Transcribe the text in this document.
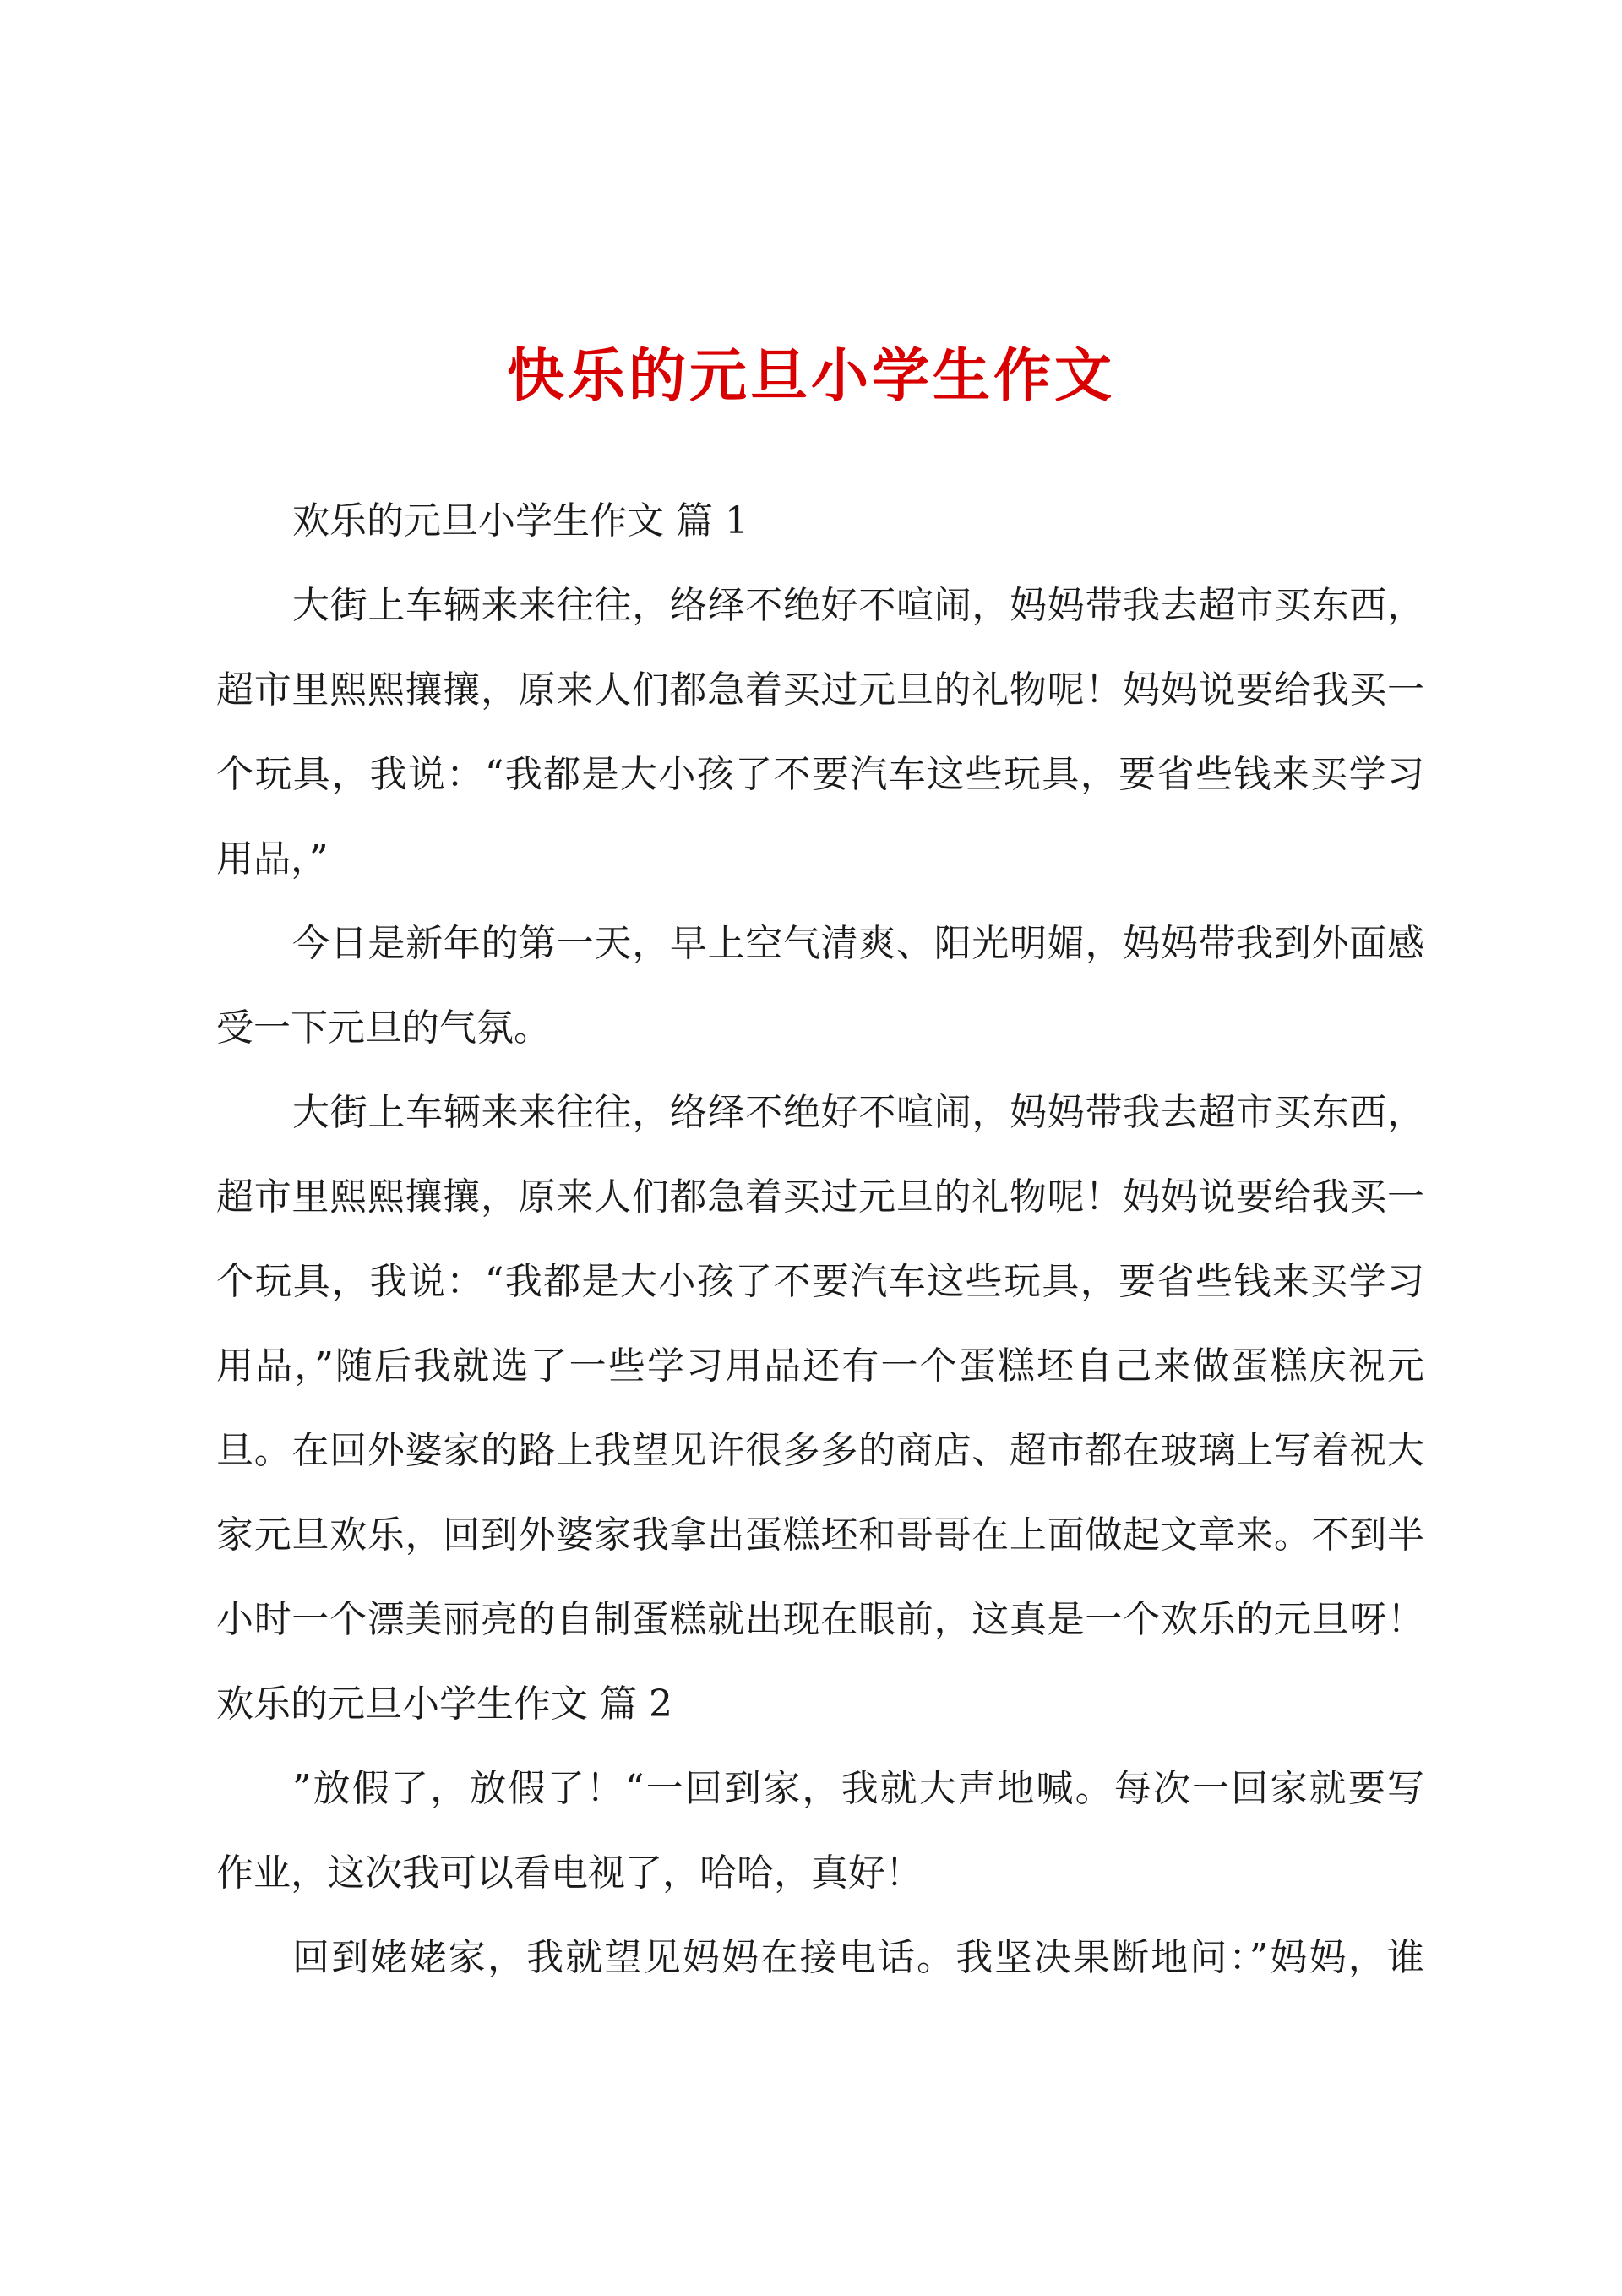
快乐的元旦小学生作文
欢乐的元旦小学生作文 篇 1
大街上车辆来来往往，络绎不绝好不喧闹，妈妈带我去超市买东西，
超市里熙熙攘攘，原来人们都急着买过元旦的礼物呢！妈妈说要给我买一
个玩具，我说：“我都是大小孩了不要汽车这些玩具，要省些钱来买学习
用品，”
今日是新年的第一天，早上空气清爽、阳光明媚，妈妈带我到外面感
受一下元旦的气氛。
大街上车辆来来往往，络绎不绝好不喧闹，妈妈带我去超市买东西，
超市里熙熙攘攘，原来人们都急着买过元旦的礼物呢！妈妈说要给我买一
个玩具，我说：“我都是大小孩了不要汽车这些玩具，要省些钱来买学习
用品，”随后我就选了一些学习用品还有一个蛋糕坯自己来做蛋糕庆祝元
旦。在回外婆家的路上我望见许很多多的商店、超市都在玻璃上写着祝大
家元旦欢乐，回到外婆家我拿出蛋糕坯和哥哥在上面做起文章来。不到半
小时一个漂美丽亮的自制蛋糕就出现在眼前，这真是一个欢乐的元旦呀！
欢乐的元旦小学生作文 篇 2
”放假了，放假了！“一回到家，我就大声地喊。每次一回家就要写
作业，这次我可以看电视了，哈哈，真好！
回到姥姥家，我就望见妈妈在接电话。我坚决果断地问：”妈妈，谁
